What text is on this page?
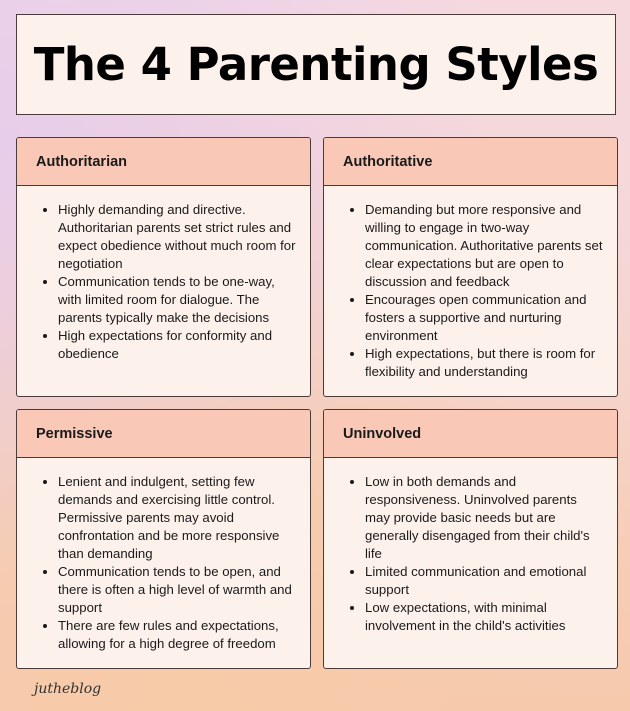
The 4 Parenting Styles
Authoritarian
• Highly demanding and directive. Authoritarian parents set strict rules and expect obedience without much room for negotiation
• Communication tends to be one-way, with limited room for dialogue. The parents typically make the decisions
• High expectations for conformity and obedience
Authoritative
• Demanding but more responsive and willing to engage in two-way communication. Authoritative parents set clear expectations but are open to discussion and feedback
• Encourages open communication and fosters a supportive and nurturing environment
• High expectations, but there is room for flexibility and understanding
Permissive
• Lenient and indulgent, setting few demands and exercising little control. Permissive parents may avoid confrontation and be more responsive than demanding
• Communication tends to be open, and there is often a high level of warmth and support
• There are few rules and expectations, allowing for a high degree of freedom
Uninvolved
• Low in both demands and responsiveness. Uninvolved parents may provide basic needs but are generally disengaged from their child's life
• Limited communication and emotional support
• Low expectations, with minimal involvement in the child's activities
jutheblog
